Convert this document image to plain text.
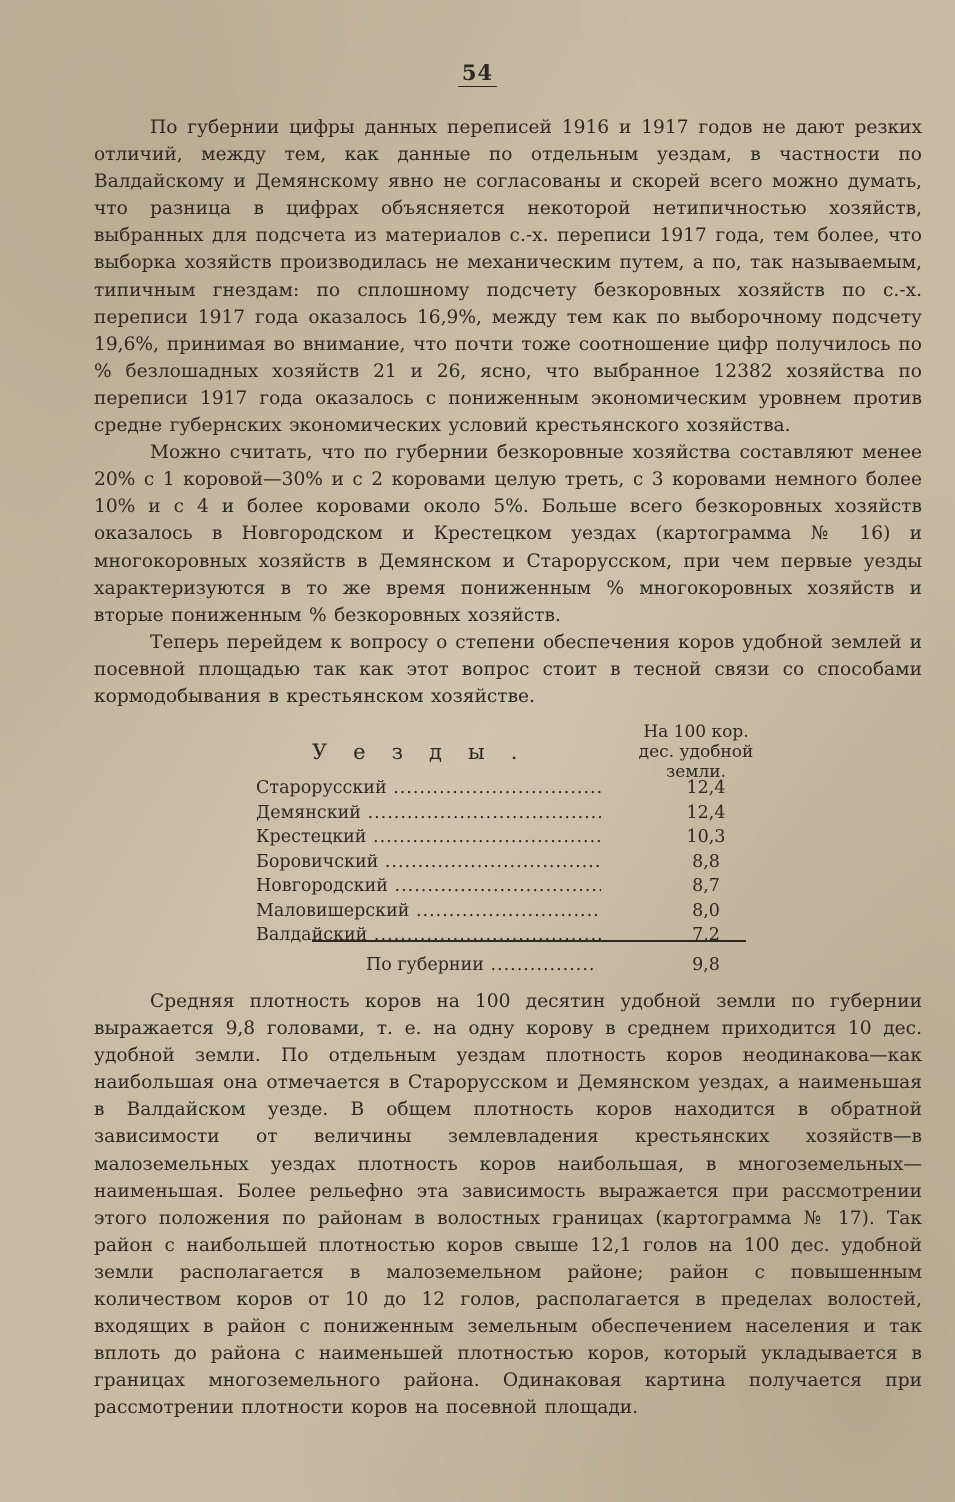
54

По губернии цифры данных переписей 1916 и 1917 годов не дают резких отличий, между тем, как данные по отдельным уездам, в частности по Валдайскому и Демянскому явно не согласованы и скорей всего можно думать, что разница в цифрах объясняется некоторой нетипичностью хозяйств, выбранных для подсчета из материалов с.-х. переписи 1917 года, тем более, что выборка хозяйств производилась не механическим путем, а по, так называемым, типичным гнездам: по сплошному подсчету безкоровных хозяйств по с.-х. переписи 1917 года оказалось 16,9%, между тем как по выборочному подсчету 19,6%, принимая во внимание, что почти тоже соотношение цифр получилось по % безлошадных хозяйств 21 и 26, ясно, что выбранное 12382 хозяйства по переписи 1917 года оказалось с пониженным экономическим уровнем против средне губернских экономических условий крестьянского хозяйства.

Можно считать, что по губернии безкоровные хозяйства составляют менее 20% с 1 коровой—30% и с 2 коровами целую треть, с 3 коровами немного более 10% и с 4 и более коровами около 5%. Больше всего безкоровных хозяйств оказалось в Новгородском и Крестецком уездах (картограмма № 16) и многокоровных хозяйств в Демянском и Старорусском, при чем первые уезды характеризуются в то же время пониженным % многокоровных хозяйств и вторые пониженным % безкоровных хозяйств.

Теперь перейдем к вопросу о степени обеспечения коров удобной землей и посевной площадью так как этот вопрос стоит в тесной связи со способами кормодобывания в крестьянском хозяйстве.

Уезды.
На 100 кор. дес. удобной земли.
Старорусский .....	12,4
Демянский .....	12,4
Крестецкий .....	10,3
Боровичский .....	8,8
Новгородский .....	8,7
Маловишерский .....	8,0
Валдайский .....	7,2
По губернии .....	9,8

Средняя плотность коров на 100 десятин удобной земли по губернии выражается 9,8 головами, т. е. на одну корову в среднем приходится 10 дес. удобной земли. По отдельным уездам плотность коров неодинакова—как наибольшая она отмечается в Старорусском и Демянском уездах, а наименьшая в Валдайском уезде. В общем плотность коров находится в обратной зависимости от величины землевладения крестьянских хозяйств—в малоземельных уездах плотность коров наибольшая, в многоземельных—наименьшая. Более рельефно эта зависимость выражается при рассмотрении этого положения по районам в волостных границах (картограмма № 17). Так район с наибольшей плотностью коров свыше 12,1 голов на 100 дес. удобной земли располагается в малоземельном районе; район с повышенным количеством коров от 10 до 12 голов, располагается в пределах волостей, входящих в район с пониженным земельным обеспечением населения и так вплоть до района с наименьшей плотностью коров, который укладывается в границах многоземельного района. Одинаковая картина получается при рассмотрении плотности коров на посевной площади.
